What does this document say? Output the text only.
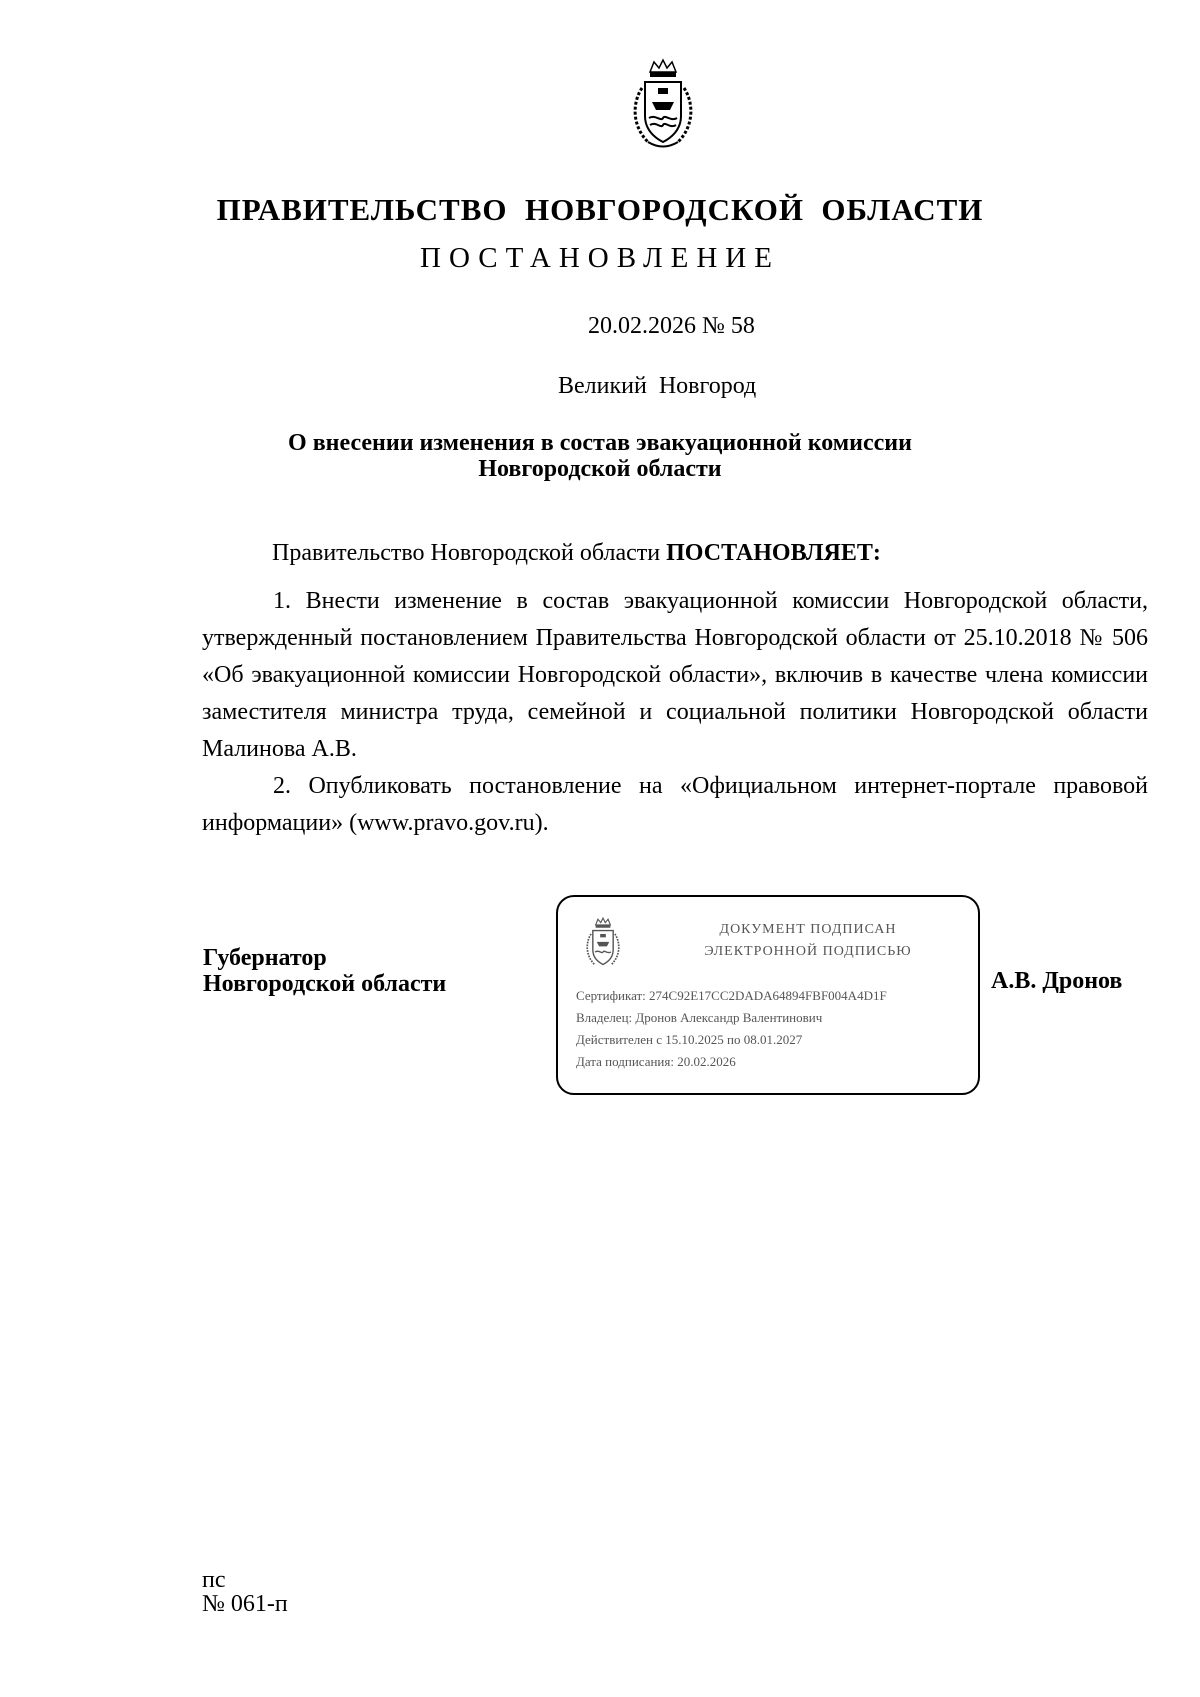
ПРАВИТЕЛЬСТВО  НОВГОРОДСКОЙ  ОБЛАСТИ
ПОСТАНОВЛЕНИЕ
20.02.2026 № 58
Великий  Новгород
О внесении изменения в состав эвакуационной комиссии
Новгородской области
Правительство Новгородской области ПОСТАНОВЛЯЕТ:
1. Внести изменение в состав эвакуационной комиссии Новгородской области, утвержденный постановлением Правительства Новгородской области от 25.10.2018 № 506 «Об эвакуационной комиссии Новгородской области», включив в качестве члена комиссии заместителя министра труда, семейной и социальной политики Новгородской области Малинова А.В.
2. Опубликовать постановление на «Официальном интернет-портале правовой информации» (www.pravo.gov.ru).
Губернатор
Новгородской области
ДОКУМЕНТ ПОДПИСАН
ЭЛЕКТРОННОЙ ПОДПИСЬЮ
Сертификат: 274C92E17CC2DADA64894FBF004A4D1F
Владелец: Дронов Александр Валентинович
Действителен с 15.10.2025 по 08.01.2027
Дата подписания: 20.02.2026
А.В. Дронов
пс
№ 061-п
